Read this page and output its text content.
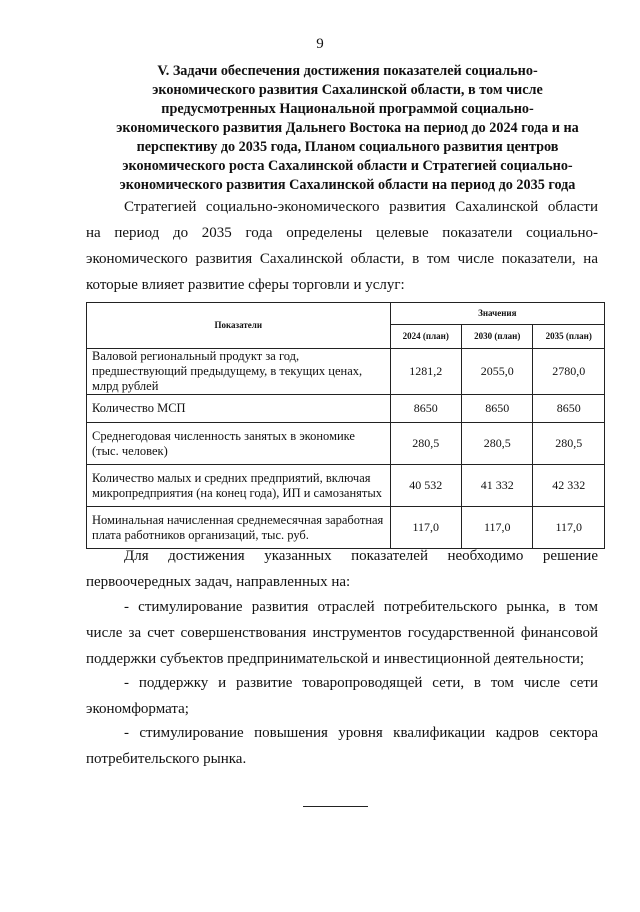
9
V. Задачи обеспечения достижения показателей социально-
экономического развития Сахалинской области, в том числе
предусмотренных Национальной программой социально-
экономического развития Дальнего Востока на период до 2024 года и на
перспективу до 2035 года, Планом социального развития центров
экономического роста Сахалинской области и Стратегией социально-
экономического развития Сахалинской области на период до 2035 года
Стратегией социально-экономического развития Сахалинской области
на период до 2035 года определены целевые показатели социально-
экономического развития Сахалинской области, в том числе показатели, на
которые влияет развитие сферы торговли и услуг:
Показатели	Значения		
	2024 (план)	2030 (план)	2035 (план)
Валовой региональный продукт за год, предшествующий предыдущему, в текущих ценах, млрд рублей	1281,2	2055,0	2780,0
Количество МСП	8650	8650	8650
Среднегодовая численность занятых в экономике (тыс. человек)	280,5	280,5	280,5
Количество малых и средних предприятий, включая микропредприятия (на конец года), ИП и самозанятых	40 532	41 332	42 332
Номинальная начисленная среднемесячная заработная плата работников организаций, тыс. руб.	117,0	117,0	117,0
Для достижения указанных показателей необходимо решение
первоочередных задач, направленных на:
- стимулирование развития отраслей потребительского рынка, в том
числе за счет совершенствования инструментов государственной финансовой
поддержки субъектов предпринимательской и инвестиционной деятельности;
- поддержку и развитие товаропроводящей сети, в том числе сети
экономформата;
- стимулирование повышения уровня квалификации кадров сектора
потребительского рынка.
